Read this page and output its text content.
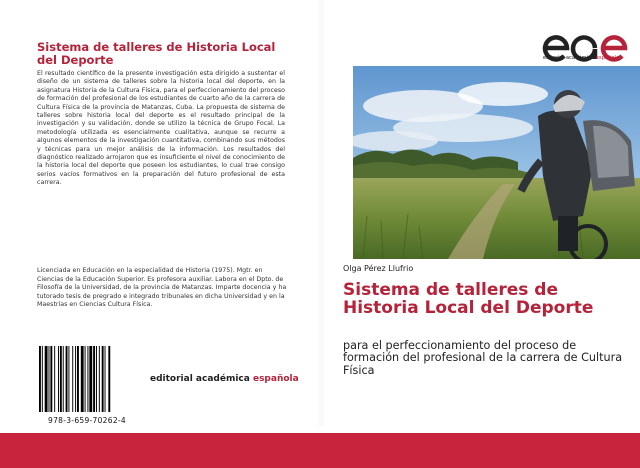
Sistema de talleres de Historia Local del Deporte

El resultado científico de la presente investigación esta dirigido a sustentar el diseño de un sistema de talleres sobre la historia local del deporte, en la asignatura Historia de la Cultura Física, para el perfeccionamiento del proceso de formación del profesional de los estudiantes de cuarto año de la carrera de Cultura Física de la provincia de Matanzas, Cuba. La propuesta de sistema de talleres sobre historia local del deporte es el resultado principal de la investigación y su validación, donde se utilizo la técnica de Grupo Focal. La metodología utilizada es esencialmente cualitativa, aunque se recurre a algunos elementos de la investigación cuantitativa, combinando sus métodos y técnicas para un mejor análisis de la información. Los resultados del diagnóstico realizado arrojaron que es insuficiente el nivel de conocimiento de la historia local del deporte que poseen los estudiantes, lo cual trae consigo serios vacíos formativos en la preparación del futuro profesional de esta carrera.

Licenciada en Educación en la especialidad de Historia (1975). Mgtr. en Ciencias de la Educación Superior. Es profesora auxiliar. Labora en el Dpto. de Filosofía de la Universidad, de la provincia de Matanzas. Imparte docencia y ha tutorado tesis de pregrado e integrado tribunales en dicha Universidad y en la Maestrías en Ciencias Cultura Física.

978-3-659-70262-4
editorial académica española
editorial académica española
Olga Pérez Llufrio
Sistema de talleres de Historia Local del Deporte

para el perfeccionamiento del proceso de formación del profesional de la carrera de Cultura Física
